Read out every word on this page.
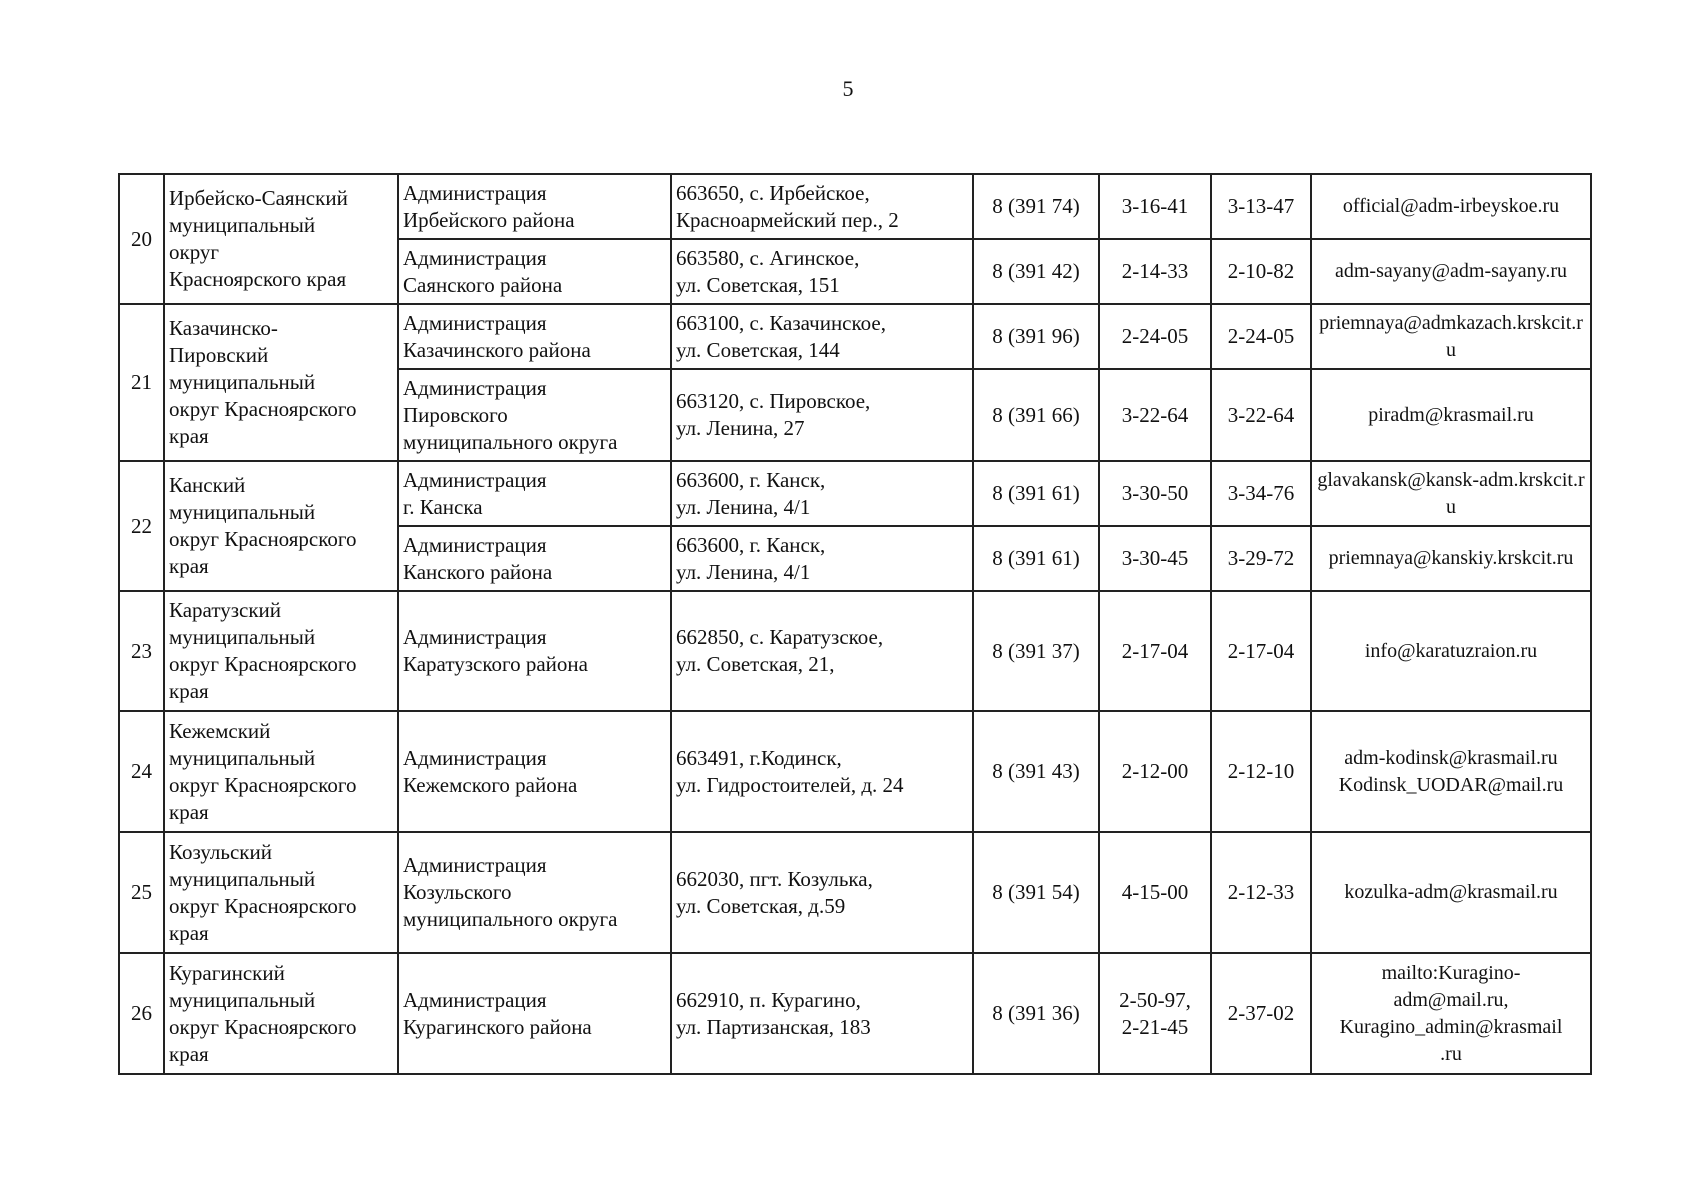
5
20	Ирбейско-Саянский
муниципальный
округ
Красноярского края	Администрация
Ирбейского района	663650, с. Ирбейское,
Красноармейский пер., 2	8 (391 74)	3-16-41	3-13-47	official@adm-irbeyskoe.ru

		Администрация
Саянского района	663580, с. Агинское,
ул. Советская, 151	8 (391 42)	2-14-33	2-10-82	adm-sayany@adm-sayany.ru
21	Казачинско-
Пировский
муниципальный
округ Красноярского
края	Администрация
Казачинского района	663100, с. Казачинское,
ул. Советская, 144	8 (391 96)	2-24-05	2-24-05	priemnaya@admkazach.krskcit.ru

		Администрация
Пировского
муниципального округа	663120, с. Пировское,
ул. Ленина, 27	8 (391 66)	3-22-64	3-22-64	piradm@krasmail.ru
22	Канский
муниципальный
округ Красноярского
края	Администрация
г. Канска	663600, г. Канск,
ул. Ленина, 4/1	8 (391 61)	3-30-50	3-34-76	glavakansk@kansk-adm.krskcit.ru

		Администрация
Канского района	663600, г. Канск,
ул. Ленина, 4/1	8 (391 61)	3-30-45	3-29-72	priemnaya@kanskiy.krskcit.ru
23	Каратузский
муниципальный
округ Красноярского
края	Администрация
Каратузского района	662850, с. Каратузское,
ул. Советская, 21,	8 (391 37)	2-17-04	2-17-04	info@karatuzraion.ru
24	Кежемский
муниципальный
округ Красноярского
края	Администрация
Кежемского района	663491, г.Кодинск,
ул. Гидростоителей, д. 24	8 (391 43)	2-12-00	2-12-10	adm-kodinsk@krasmail.ru
Kodinsk_UODAR@mail.ru

25	Козульский
муниципальный
округ Красноярского
края	Администрация
Козульского
муниципального округа	662030, пгт. Козулька,
ул. Советская, д.59	8 (391 54)	4-15-00	2-12-33	kozulka-adm@krasmail.ru
26	Курагинский
муниципальный
округ Красноярского
края	Администрация
Курагинского района	662910, п. Курагино,
ул. Партизанская, 183	8 (391 36)	2-50-97,
2-21-45	2-37-02	mailto:Kuragino-
adm@mail.ru,
Kuragino_admin@krasmail
.ru
